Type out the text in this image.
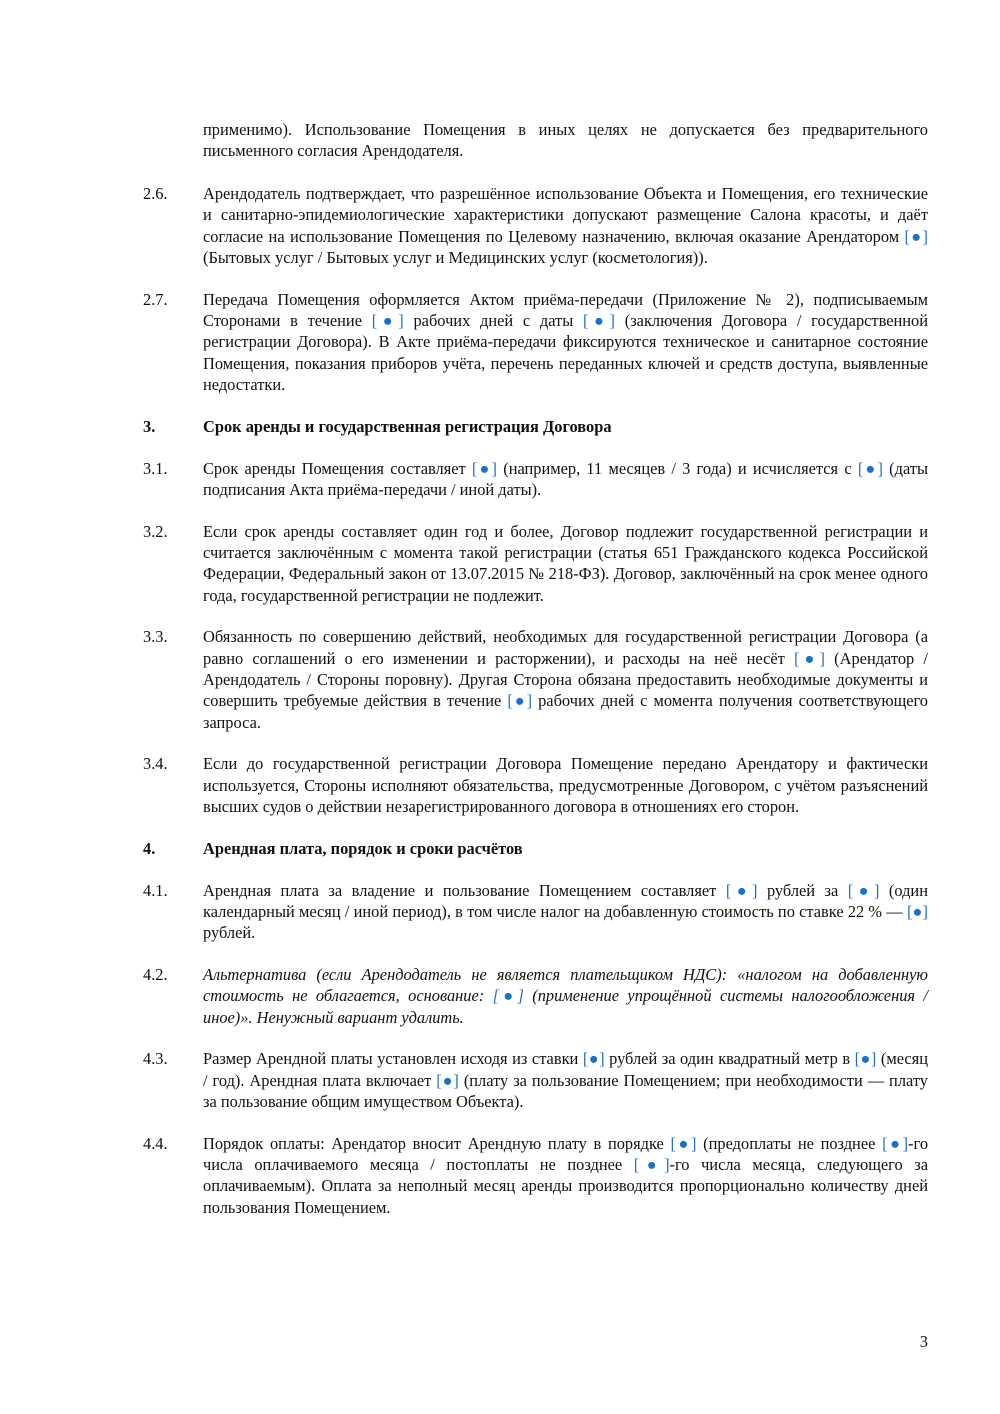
применимо). Использование Помещения в иных целях не допускается без предварительного письменного согласия Арендодателя.
2.6. Арендодатель подтверждает, что разрешённое использование Объекта и Помещения, его технические и санитарно-эпидемиологические характеристики допускают размещение Салона красоты, и даёт согласие на использование Помещения по Целевому назначению, включая оказание Арендатором [●] (Бытовых услуг / Бытовых услуг и Медицинских услуг (косметология)).
2.7. Передача Помещения оформляется Актом приёма-передачи (Приложение № 2), подписываемым Сторонами в течение [●] рабочих дней с даты [●] (заключения Договора / государственной регистрации Договора). В Акте приёма-передачи фиксируются техническое и санитарное состояние Помещения, показания приборов учёта, перечень переданных ключей и средств доступа, выявленные недостатки.
3.	Срок аренды и государственная регистрация Договора
3.1. Срок аренды Помещения составляет [●] (например, 11 месяцев / 3 года) и исчисляется с [●] (даты подписания Акта приёма-передачи / иной даты).
3.2. Если срок аренды составляет один год и более, Договор подлежит государственной регистрации и считается заключённым с момента такой регистрации (статья 651 Гражданского кодекса Российской Федерации, Федеральный закон от 13.07.2015 № 218-ФЗ). Договор, заключённый на срок менее одного года, государственной регистрации не подлежит.
3.3. Обязанность по совершению действий, необходимых для государственной регистрации Договора (а равно соглашений о его изменении и расторжении), и расходы на неё несёт [●] (Арендатор / Арендодатель / Стороны поровну). Другая Сторона обязана предоставить необходимые документы и совершить требуемые действия в течение [●] рабочих дней с момента получения соответствующего запроса.
3.4. Если до государственной регистрации Договора Помещение передано Арендатору и фактически используется, Стороны исполняют обязательства, предусмотренные Договором, с учётом разъяснений высших судов о действии незарегистрированного договора в отношениях его сторон.
4.	Арендная плата, порядок и сроки расчётов
4.1. Арендная плата за владение и пользование Помещением составляет [●] рублей за [●] (один календарный месяц / иной период), в том числе налог на добавленную стоимость по ставке 22 % — [●] рублей.
4.2. Альтернатива (если Арендодатель не является плательщиком НДС): «налогом на добавленную стоимость не облагается, основание: [●] (применение упрощённой системы налогообложения / иное)». Ненужный вариант удалить.
4.3. Размер Арендной платы установлен исходя из ставки [●] рублей за один квадратный метр в [●] (месяц / год). Арендная плата включает [●] (плату за пользование Помещением; при необходимости — плату за пользование общим имуществом Объекта).
4.4. Порядок оплаты: Арендатор вносит Арендную плату в порядке [●] (предоплаты не позднее [●]-го числа оплачиваемого месяца / постоплаты не позднее [●]-го числа месяца, следующего за оплачиваемым). Оплата за неполный месяц аренды производится пропорционально количеству дней пользования Помещением.
3
